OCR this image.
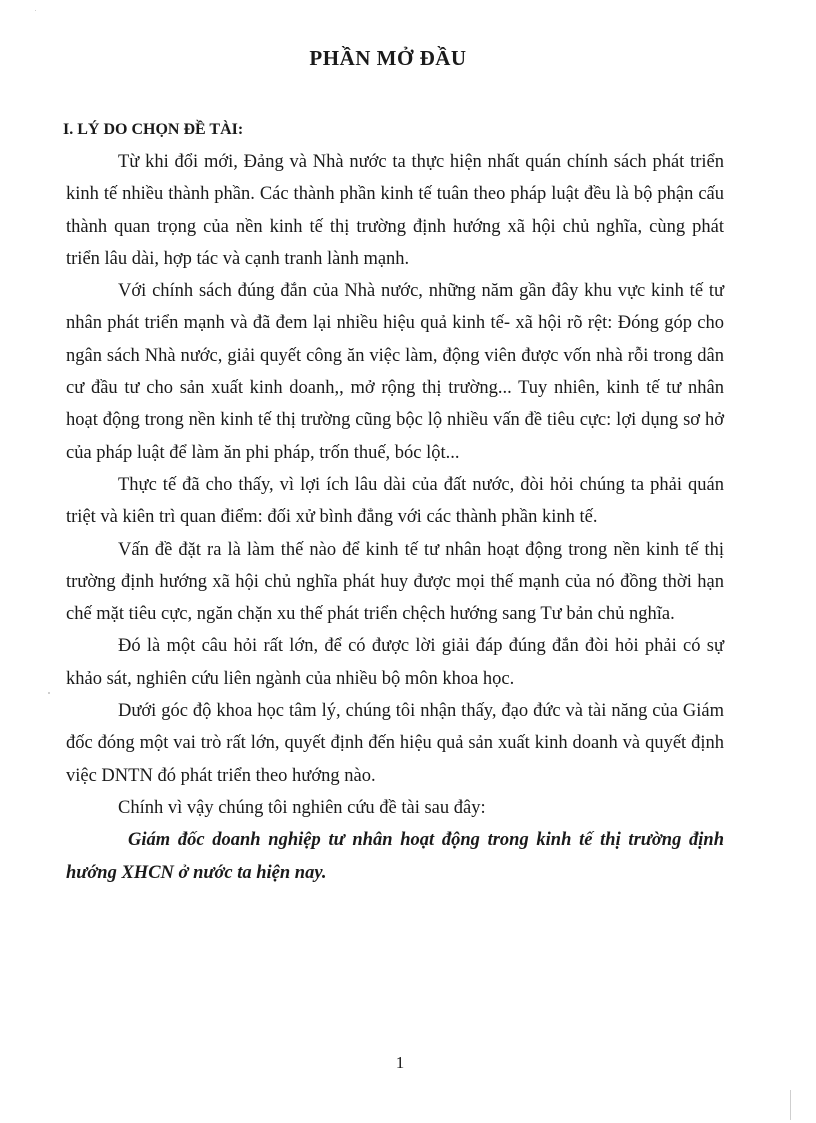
PHẦN MỞ ĐẦU
I. LÝ DO CHỌN ĐỀ TÀI:

Từ khi đổi mới, Đảng và Nhà nước ta thực hiện nhất quán chính sách phát triển kinh tế nhiều thành phần. Các thành phần kinh tế tuân theo pháp luật đều là bộ phận cấu thành quan trọng của nền kinh tế thị trường định hướng xã hội chủ nghĩa, cùng phát triển lâu dài, hợp tác và cạnh tranh lành mạnh.

Với chính sách đúng đắn của Nhà nước, những năm gần đây khu vực kinh tế tư nhân phát triển mạnh và đã đem lại nhiều hiệu quả kinh tế- xã hội rõ rệt: Đóng góp cho ngân sách Nhà nước, giải quyết công ăn việc làm, động viên được vốn nhà rỗi trong dân cư đầu tư cho sản xuất kinh doanh,, mở rộng thị trường... Tuy nhiên, kinh tế tư nhân hoạt động trong nền kinh tế thị trường cũng bộc lộ nhiều vấn đề tiêu cực: lợi dụng sơ hở của pháp luật để làm ăn phi pháp, trốn thuế, bóc lột...

Thực tế đã cho thấy, vì lợi ích lâu dài của đất nước, đòi hỏi chúng ta phải quán triệt và kiên trì quan điểm: đối xử bình đẳng với các thành phần kinh tế.

Vấn đề đặt ra là làm thế nào để kinh tế tư nhân hoạt động trong nền kinh tế thị trường định hướng xã hội chủ nghĩa phát huy được mọi thế mạnh của nó đồng thời hạn chế mặt tiêu cực, ngăn chặn xu thế phát triển chệch hướng sang Tư bản chủ nghĩa.

Đó là một câu hỏi rất lớn, để có được lời giải đáp đúng đắn đòi hỏi phải có sự khảo sát, nghiên cứu liên ngành của nhiều bộ môn khoa học.

Dưới góc độ khoa học tâm lý, chúng tôi nhận thấy, đạo đức và tài năng của Giám đốc đóng một vai trò rất lớn, quyết định đến hiệu quả sản xuất kinh doanh và quyết định việc DNTN đó phát triển theo hướng nào.

Chính vì vậy chúng tôi nghiên cứu đề tài sau đây:

Giám đốc doanh nghiệp tư nhân hoạt động trong kinh tế thị trường định hướng XHCN ở nước ta hiện nay.

1
